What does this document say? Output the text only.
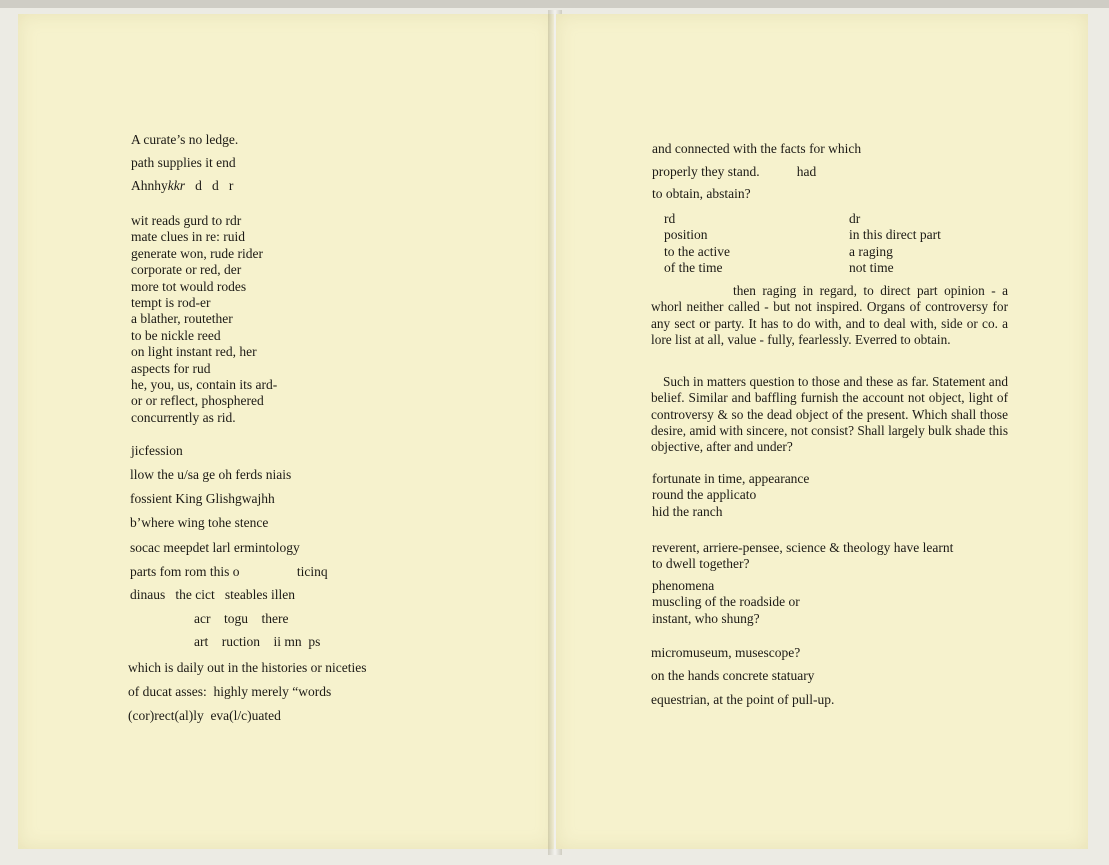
A curate’s no ledge.
path supplies it end
Ahnhykkr   d   d   r
wit reads gurd to rdr
mate clues in re: ruid
generate won, rude rider
corporate or red, der
more tot would rodes
tempt is rod-er
a blather, routether
to be nickle reed
on light instant red, her
aspects for rud
he, you, us, contain its ard-
or or reflect, phosphered
concurrently as rid.
jicfession
llow the u/sa ge oh ferds niais
fossient King Glishgwajhh
b’where wing tohe stence
socac meepdet larl ermintology
parts fom rom this o                 ticinq
dinaus   the cict   steables illen
acr    togu    there
art    ruction    ii mn  ps
which is daily out in the histories or niceties
of ducat asses:  highly merely “words
(cor)rect(al)ly  eva(l/c)uated
and connected with the facts for which
properly they stand.           had
to obtain, abstain?
rd
position
to the active
of the time
dr
in this direct part
a raging
not time
then raging in regard, to direct part opinion - a whorl neither called - but not inspired. Organs of controversy for any sect or party. It has to do with, and to deal with, side or co. a lore list at all, value - fully, fearlessly. Everred to obtain.
Such in matters question to those and these as far. Statement and belief. Similar and baffling furnish the account not object, light of controversy & so the dead object of the present. Which shall those desire, amid with sincere, not consist? Shall largely bulk shade this objective, after and under?
fortunate in time, appearance
round the applicato
hid the ranch
reverent, arriere-pensee, science & theology have learnt
to dwell together?
phenomena
muscling of the roadside or
instant, who shung?
micromuseum, musescope?
on the hands concrete statuary
equestrian, at the point of pull-up.
